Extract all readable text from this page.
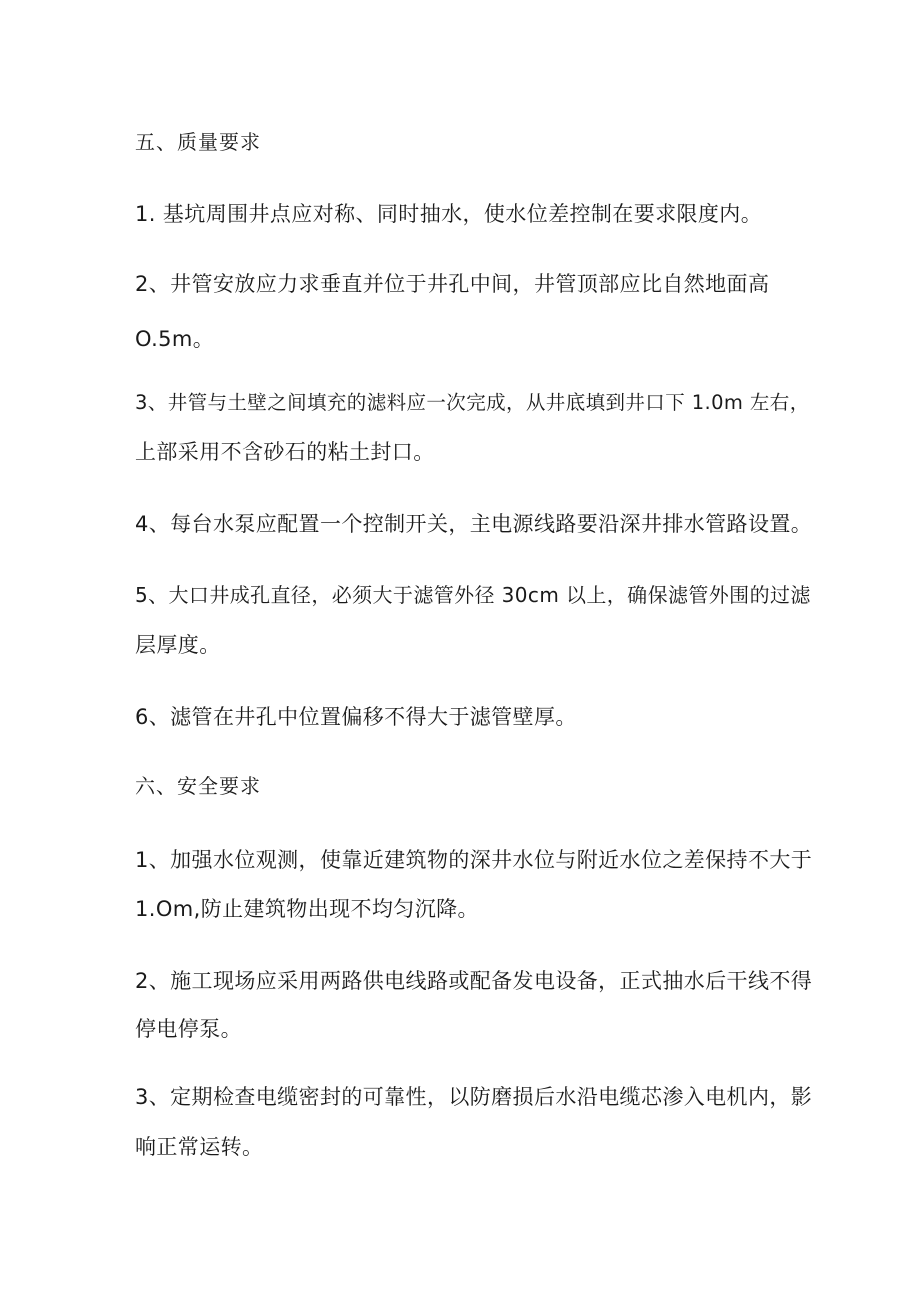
五、质量要求
1. 基坑周围井点应对称、同时抽水，使水位差控制在要求限度内。
2、井管安放应力求垂直并位于井孔中间，井管顶部应比自然地面高
O.5m。
3、井管与土壁之间填充的滤料应一次完成，从井底填到井口下 1.0m 左右，
上部采用不含砂石的粘土封口。
4、每台水泵应配置一个控制开关，主电源线路要沿深井排水管路设置。
5、大口井成孔直径，必须大于滤管外径 30cm 以上，确保滤管外围的过滤
层厚度。
6、滤管在井孔中位置偏移不得大于滤管壁厚。
六、安全要求
1、加强水位观测，使靠近建筑物的深井水位与附近水位之差保持不大于
1.Om,防止建筑物出现不均匀沉降。
2、施工现场应采用两路供电线路或配备发电设备，正式抽水后干线不得
停电停泵。
3、定期检查电缆密封的可靠性，以防磨损后水沿电缆芯渗入电机内，影
响正常运转。
